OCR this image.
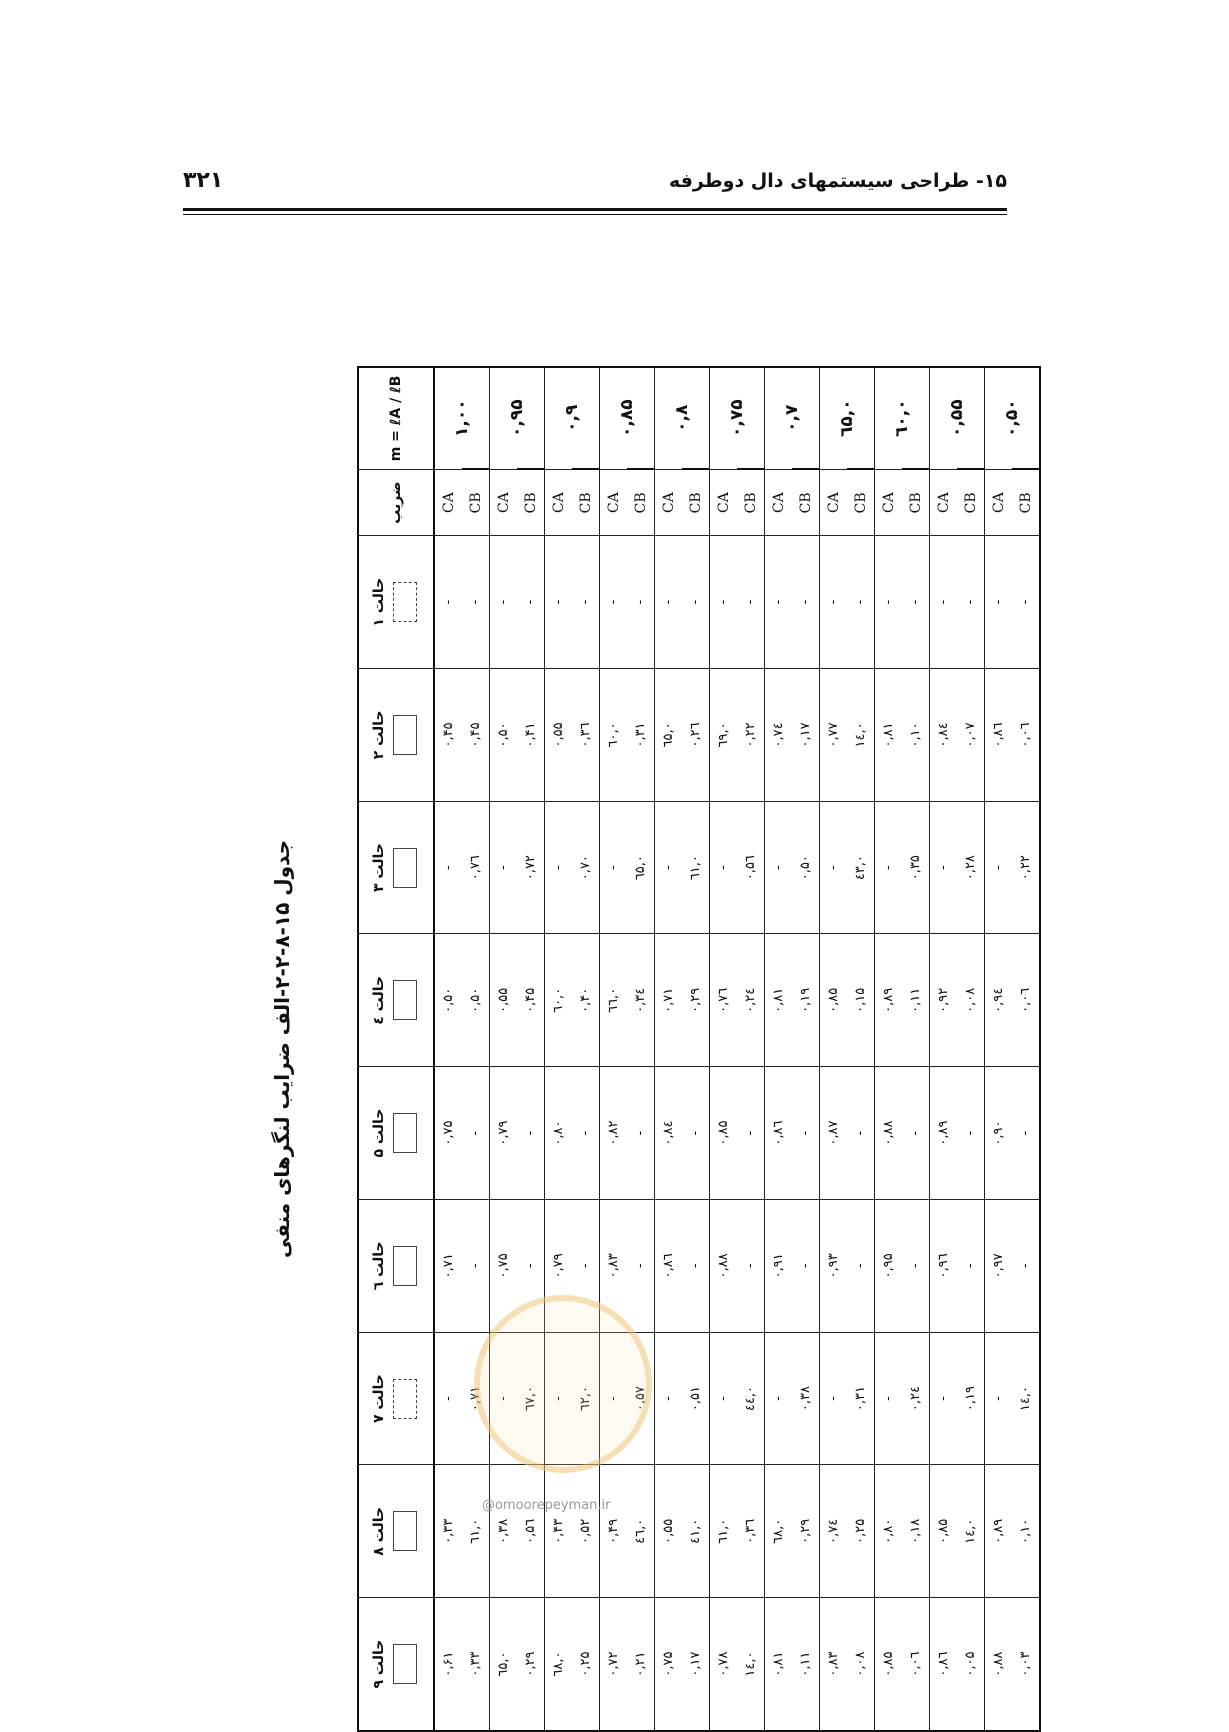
۳۲۱	۱۵- طراحی سیستمهای دال دوطرفه
جدول ۱۵-۸-۲-۲-الف ضرایب لنگرهای منفی
m = ℓA / ℓB	ضریب	حالت ۱	حالت ۲	حالت ۳	حالت ٤	حالت ۵	حالت ٦	حالت ۷	حالت ۸	حالت ۹

۱,۰۰	CA	-	۰,۴۵	-	۰,۵۰	۰,۷۵	۰,۷۱	-	۰,۳۳	۰,۶۱
	CB	-	۰,۴۵	۰,۷٦	۰,۵۰	-	-	۰,۷۱	۰,٦۱	۰,۳۳
۰,۹۵	CA	-	۰,۵۰	-	۰,۵۵	۰,۷۹	۰,۷۵	-	۰,۳۸	۰,٦۵
	CB	-	۰,۴۱	۰,۷۲	۰,۴۵	-	-	۰,٦۷	۰,۵٦	۰,۲۹
۰,۹	CA	-	۰,۵۵	-	۰,٦۰	۰,۸۰	۰,۷۹	-	۰,۴۳	۰,٦۸
	CB	-	۰,۳٦	۰,۷۰	۰,۴۰	-	-	۰,٦۲	۰,۵۲	۰,۲۵
۰,۸۵	CA	-	۰,٦۰	-	۰,٦٦	۰,۸۲	۰,۸۳	-	۰,۴۹	۰,۷۲
	CB	-	۰,۳۱	۰,٦۵	۰,۳٤	-	-	۰,۵۷	۰,٤٦	۰,۲۱
۰,۸	CA	-	۰,٦۵	-	۰,۷۱	۰,۸٤	۰,۸٦	-	۰,۵۵	۰,۷۵
	CB	-	۰,۲٦	۰,٦۱	۰,۲۹	-	-	۰,۵۱	۰,٤۱	۰,۱۷
۰,۷۵	CA	-	۰,٦۹	-	۰,۷٦	۰,۸۵	۰,۸۸	-	۰,٦۱	۰,۷۸
	CB	-	۰,۲۲	۰,۵٦	۰,۲٤	-	-	۰,٤٤	۰,۳٦	۰,١٤
۰,۷	CA	-	۰,۷٤	-	۰,۸۱	۰,۸٦	۰,۹۱	-	۰,٦۸	۰,۸۱
	CB	-	۰,۱۷	۰,۵۰	۰,۱۹	-	-	۰,۳۸	۰,۲۹	۰,۱۱
۰,٦۵	CA	-	۰,۷۷	-	۰,۸۵	۰,۸۷	۰,۹۳	-	۰,۷٤	۰,۸۳
	CB	-	۰,١٤	۰,٤۳	۰,۱۵	-	-	۰,۳۱	۰,۲۵	۰,۰۸
۰,٦۰	CA	-	۰,۸۱	-	۰,۸۹	۰,۸۸	۰,۹۵	-	۰,۸۰	۰,۸۵
	CB	-	۰,۱۰	۰,۳۵	۰,۱۱	-	-	۰,۲٤	۰,۱۸	۰,۰٦
۰,۵۵	CA	-	۰,۸٤	-	۰,۹۲	۰,۸۹	۰,۹٦	-	۰,۸۵	۰,۸٦
	CB	-	۰,۰۷	۰,۲۸	۰,۰۸	-	-	۰,۱۹	۰,١٤	۰,۰۵
۰,۵۰	CA	-	۰,۸٦	-	۰,۹٤	۰,۹۰	۰,۹۷	-	۰,۸۹	۰,۸۸
	CB	-	۰,۰٦	۰,۲۲	۰,۰٦	-	-	۰,١٤	۰,۱۰	۰,۰۳
@omoorepeyman.ir
